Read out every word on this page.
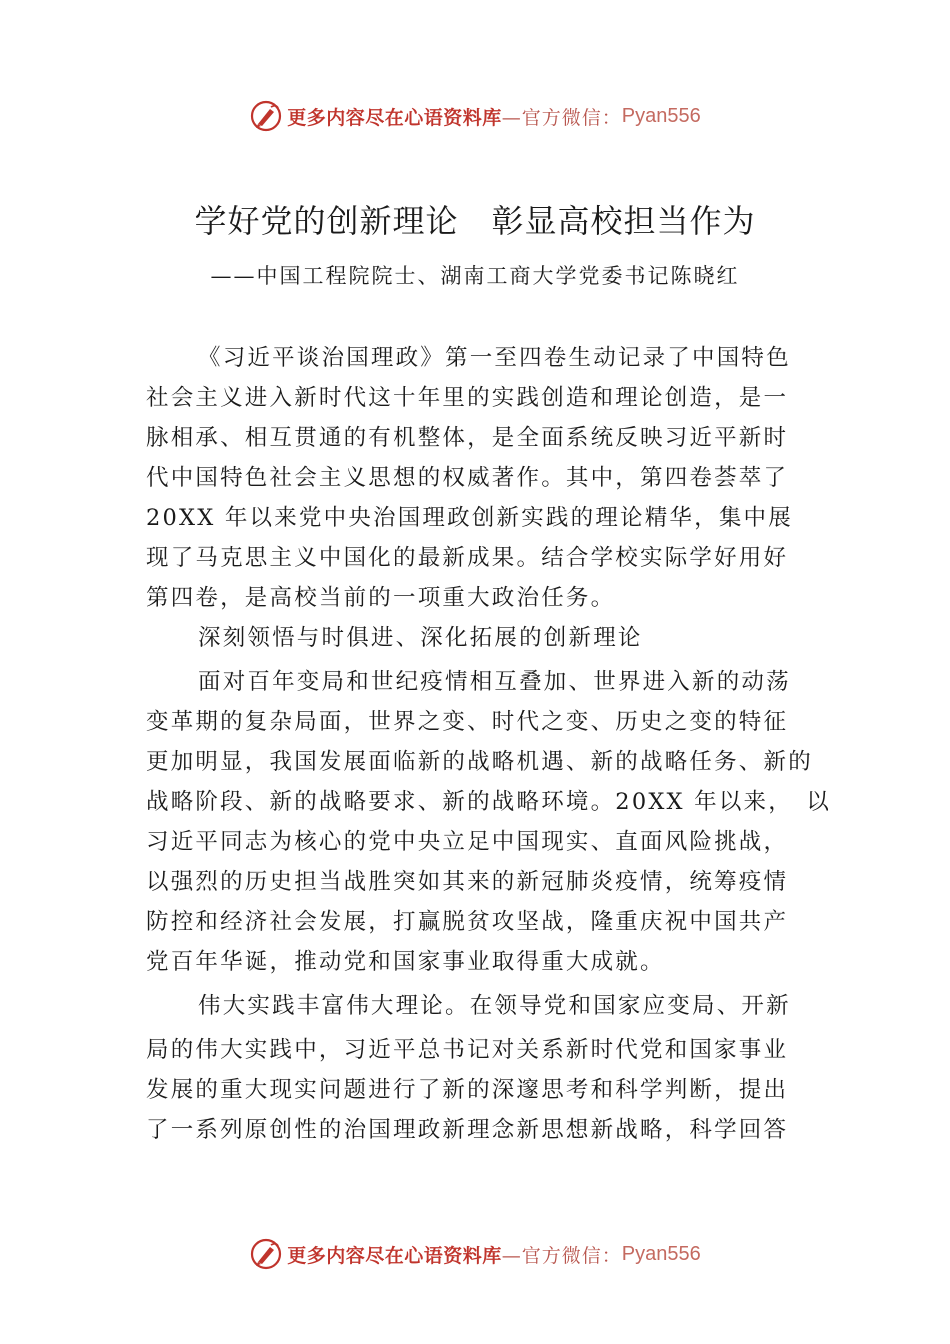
更多内容尽在心语资料库 —官方微信： Pyan556
学好党的创新理论　彰显高校担当作为
——中国工程院院士、湖南工商大学党委书记陈晓红
《习近平谈治国理政》第一至四卷生动记录了中国特色
社会主义进入新时代这十年里的实践创造和理论创造，是一
脉相承、相互贯通的有机整体，是全面系统反映习近平新时
代中国特色社会主义思想的权威著作。其中，第四卷荟萃了
20XX 年以来党中央治国理政创新实践的理论精华，集中展
现了马克思主义中国化的最新成果。结合学校实际学好用好
第四卷，是高校当前的一项重大政治任务。
深刻领悟与时俱进、深化拓展的创新理论
面对百年变局和世纪疫情相互叠加、世界进入新的动荡
变革期的复杂局面，世界之变、时代之变、历史之变的特征
更加明显，我国发展面临新的战略机遇、新的战略任务、新的
战略阶段、新的战略要求、新的战略环境。20XX 年以来，　以
习近平同志为核心的党中央立足中国现实、直面风险挑战，
以强烈的历史担当战胜突如其来的新冠肺炎疫情，统筹疫情
防控和经济社会发展，打赢脱贫攻坚战，隆重庆祝中国共产
党百年华诞，推动党和国家事业取得重大成就。
伟大实践丰富伟大理论。在领导党和国家应变局、开新
局的伟大实践中，习近平总书记对关系新时代党和国家事业
发展的重大现实问题进行了新的深邃思考和科学判断，提出
了一系列原创性的治国理政新理念新思想新战略，科学回答
更多内容尽在心语资料库 —官方微信： Pyan556
